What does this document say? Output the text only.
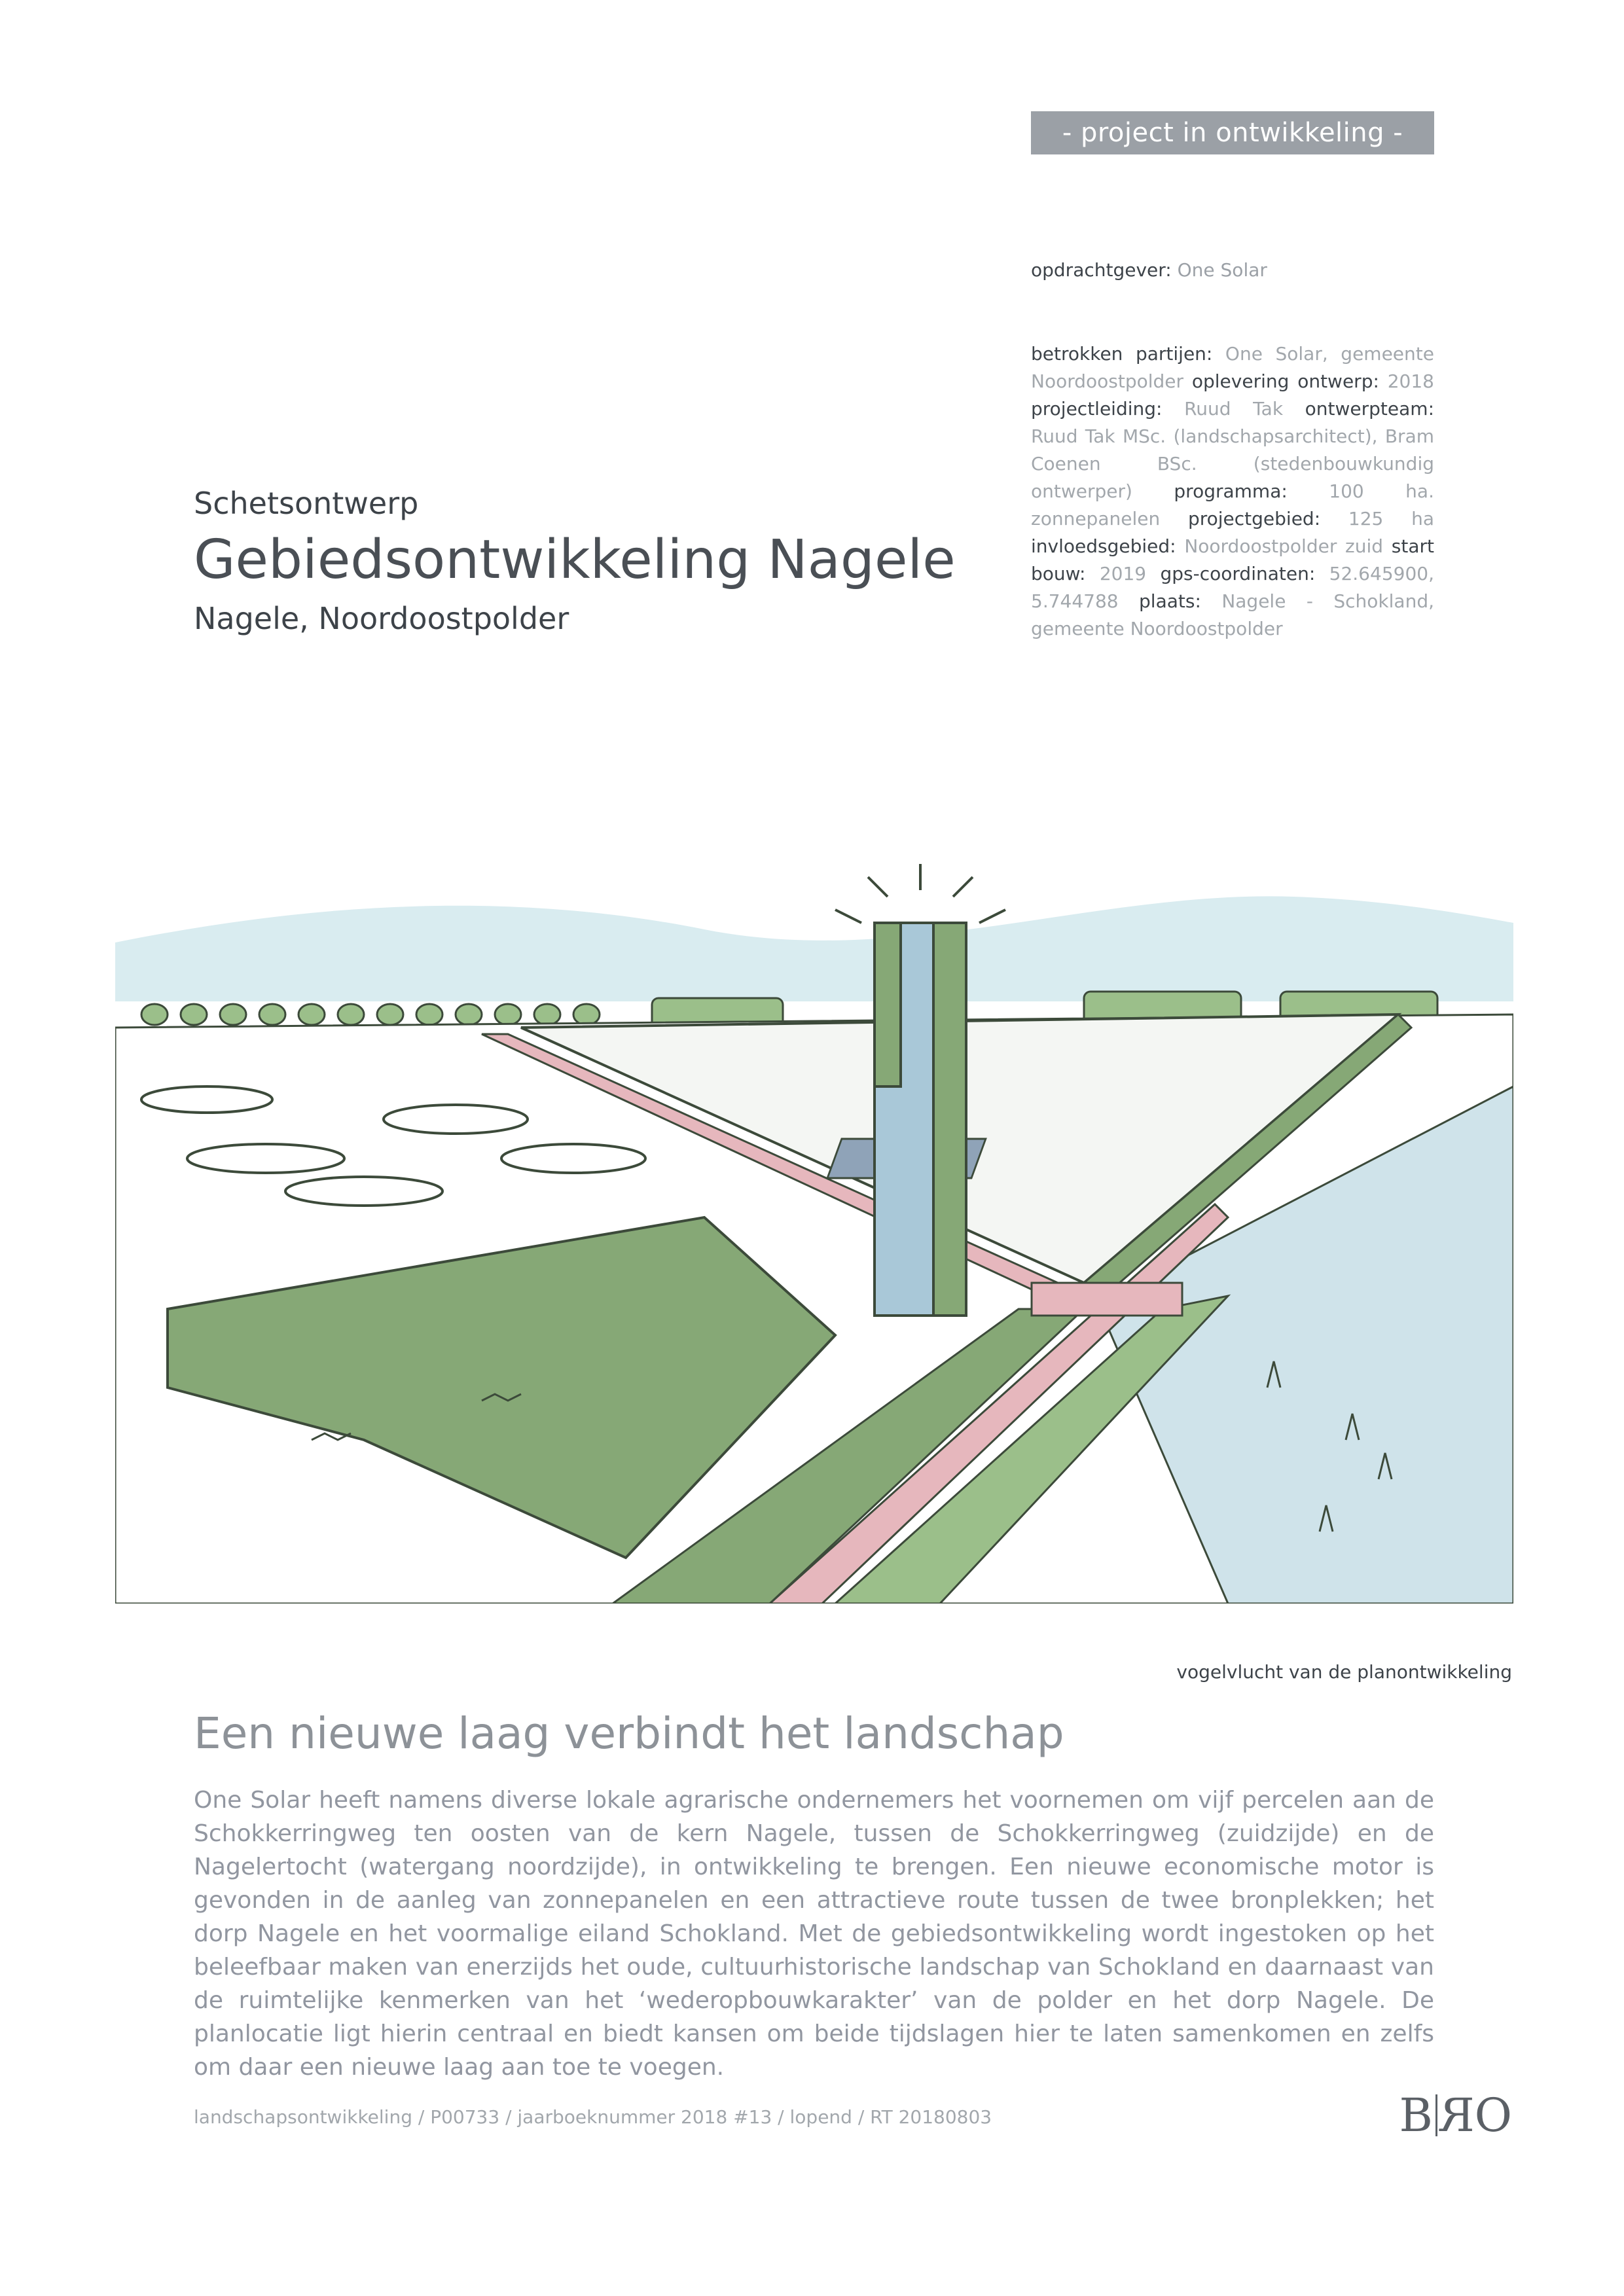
- project in ontwikkeling -
opdrachtgever: One Solar
betrokken partijen: One Solar, gemeente Noordoostpolder oplevering ontwerp: 2018 projectleiding: Ruud Tak ontwerpteam: Ruud Tak MSc. (landschapsarchitect), Bram Coenen BSc. (stedenbouwkundig ontwerper) programma: 100 ha. zonnepanelen projectgebied: 125 ha invloedsgebied: Noordoostpolder zuid start bouw: 2019 gps-coordinaten: 52.645900, 5.744788 plaats: Nagele - Schokland, gemeente Noordoostpolder
Schetsontwerp
Gebiedsontwikkeling Nagele
Nagele, Noordoostpolder
vogelvlucht van de planontwikkeling
Een nieuwe laag verbindt het landschap
One Solar heeft namens diverse lokale agrarische ondernemers het voornemen om vijf percelen aan de Schokkerringweg ten oosten van de kern Nagele, tussen de Schokkerringweg (zuidzijde) en de Nagelertocht (watergang noordzijde), in ontwikkeling te brengen. Een nieuwe economische motor is gevonden in de aanleg van zonnepanelen en een attractieve route tussen de twee bronplekken; het dorp Nagele en het voormalige eiland Schokland. Met de gebiedsontwikkeling wordt ingestoken op het beleefbaar maken van enerzijds het oude, cultuurhistorische landschap van Schokland en daarnaast van de ruimtelijke kenmerken van het ‘wederopbouwkarakter’ van de polder en het dorp Nagele. De planlocatie ligt hierin centraal en biedt kansen om beide tijdslagen hier te laten samenkomen en zelfs om daar een nieuwe laag aan toe te voegen.
landschapsontwikkeling / P00733 / jaarboeknummer 2018 #13 / lopend / RT 20180803	B R O
